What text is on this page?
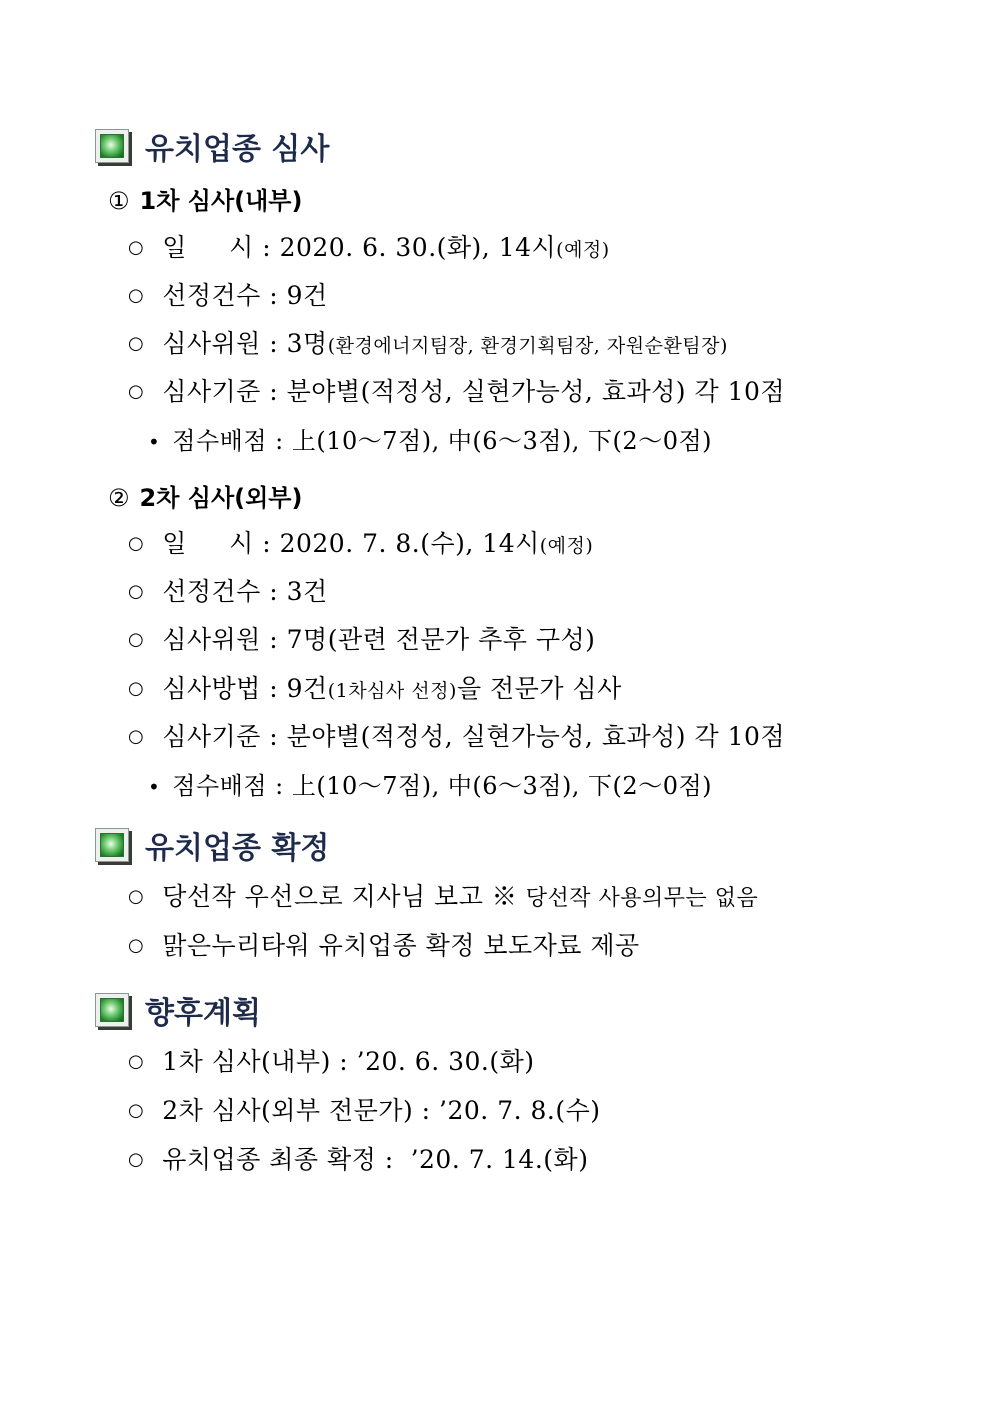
유치업종 심사
① 1차 심사(내부)
○ 일     시 : 2020. 6. 30.(화), 14시(예정)
○ 선정건수 : 9건
○ 심사위원 : 3명(환경에너지팀장, 환경기획팀장, 자원순환팀장)
○ 심사기준 : 분야별(적정성, 실현가능성, 효과성) 각 10점
• 점수배점 : 上(10～7점), 中(6～3점), 下(2～0점)
② 2차 심사(외부)
○ 일     시 : 2020. 7. 8.(수), 14시(예정)
○ 선정건수 : 3건
○ 심사위원 : 7명(관련 전문가 추후 구성)
○ 심사방법 : 9건(1차심사 선정)을 전문가 심사
○ 심사기준 : 분야별(적정성, 실현가능성, 효과성) 각 10점
• 점수배점 : 上(10～7점), 中(6～3점), 下(2～0점)
유치업종 확정
○ 당선작 우선으로 지사님 보고 ※ 당선작 사용의무는 없음
○ 맑은누리타워 유치업종 확정 보도자료 제공
향후계획
○ 1차 심사(내부) : ’20. 6. 30.(화)
○ 2차 심사(외부 전문가) : ’20. 7. 8.(수)
○ 유치업종 최종 확정 :  ’20. 7. 14.(화)
